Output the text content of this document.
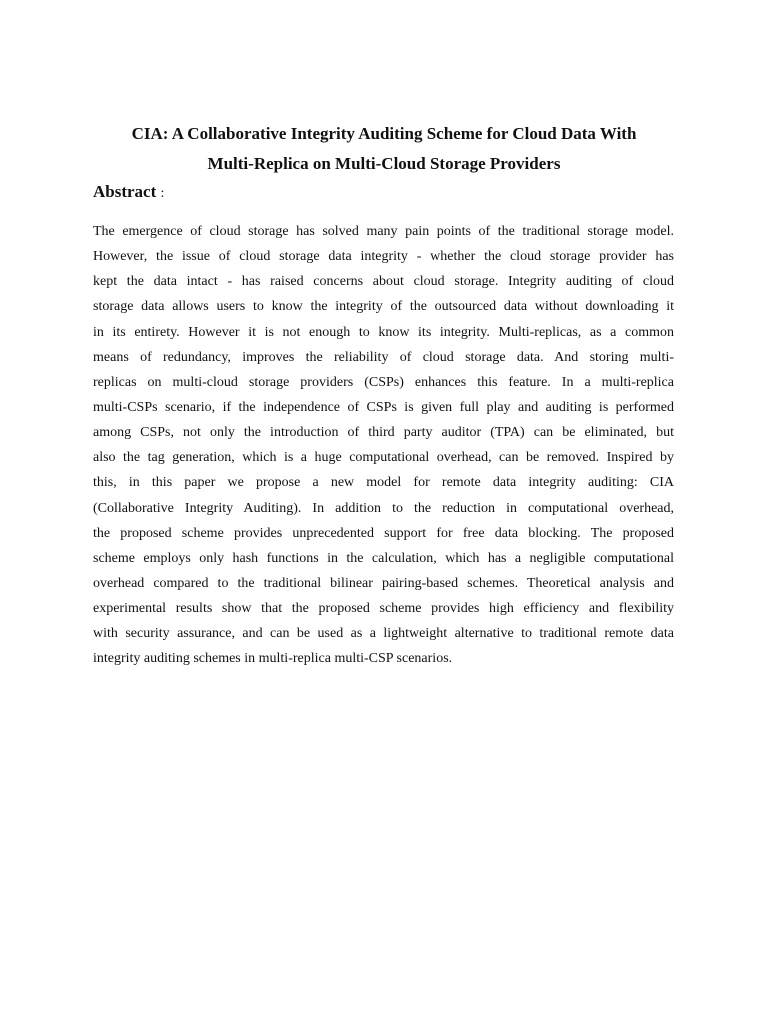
CIA: A Collaborative Integrity Auditing Scheme for Cloud Data With
Multi-Replica on Multi-Cloud Storage Providers
Abstract :
The emergence of cloud storage has solved many pain points of the traditional storage model.
However, the issue of cloud storage data integrity - whether the cloud storage provider has
kept the data intact - has raised concerns about cloud storage. Integrity auditing of cloud
storage data allows users to know the integrity of the outsourced data without downloading it
in its entirety. However it is not enough to know its integrity. Multi-replicas, as a common
means of redundancy, improves the reliability of cloud storage data. And storing multi-
replicas on multi-cloud storage providers (CSPs) enhances this feature. In a multi-replica
multi-CSPs scenario, if the independence of CSPs is given full play and auditing is performed
among CSPs, not only the introduction of third party auditor (TPA) can be eliminated, but
also the tag generation, which is a huge computational overhead, can be removed. Inspired by
this, in this paper we propose a new model for remote data integrity auditing: CIA
(Collaborative Integrity Auditing). In addition to the reduction in computational overhead,
the proposed scheme provides unprecedented support for free data blocking. The proposed
scheme employs only hash functions in the calculation, which has a negligible computational
overhead compared to the traditional bilinear pairing-based schemes. Theoretical analysis and
experimental results show that the proposed scheme provides high efficiency and flexibility
with security assurance, and can be used as a lightweight alternative to traditional remote data
integrity auditing schemes in multi-replica multi-CSP scenarios.
